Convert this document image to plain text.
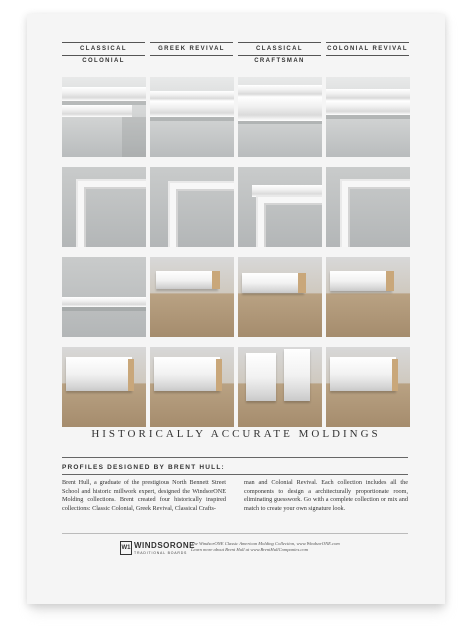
CLASSICAL COLONIAL
GREEK REVIVAL	CLASSICAL CRAFTSMAN
COLONIAL REVIVAL
HISTORICALLY ACCURATE MOLDINGS
PROFILES DESIGNED BY BRENT HULL:
Brent Hull, a graduate of the prestigious North Bennett Street School and historic millwork expert, designed the WindsorONE Molding collections. Brent created four historically inspired collections: Classic Colonial, Greek Revival, Classical Crafts-
man and Colonial Revival. Each collection includes all the components to design a architecturally proportionate room, eliminating guesswork. Go with a complete collection or mix and match to create your own signature look.
W1 WINDSORONE
TRADITIONAL BOARDS
The WindsorONE Classic American Molding Collection, www.WindsorONE.com
Learn more about Brent Hull at www.BrentHullCompanies.com
